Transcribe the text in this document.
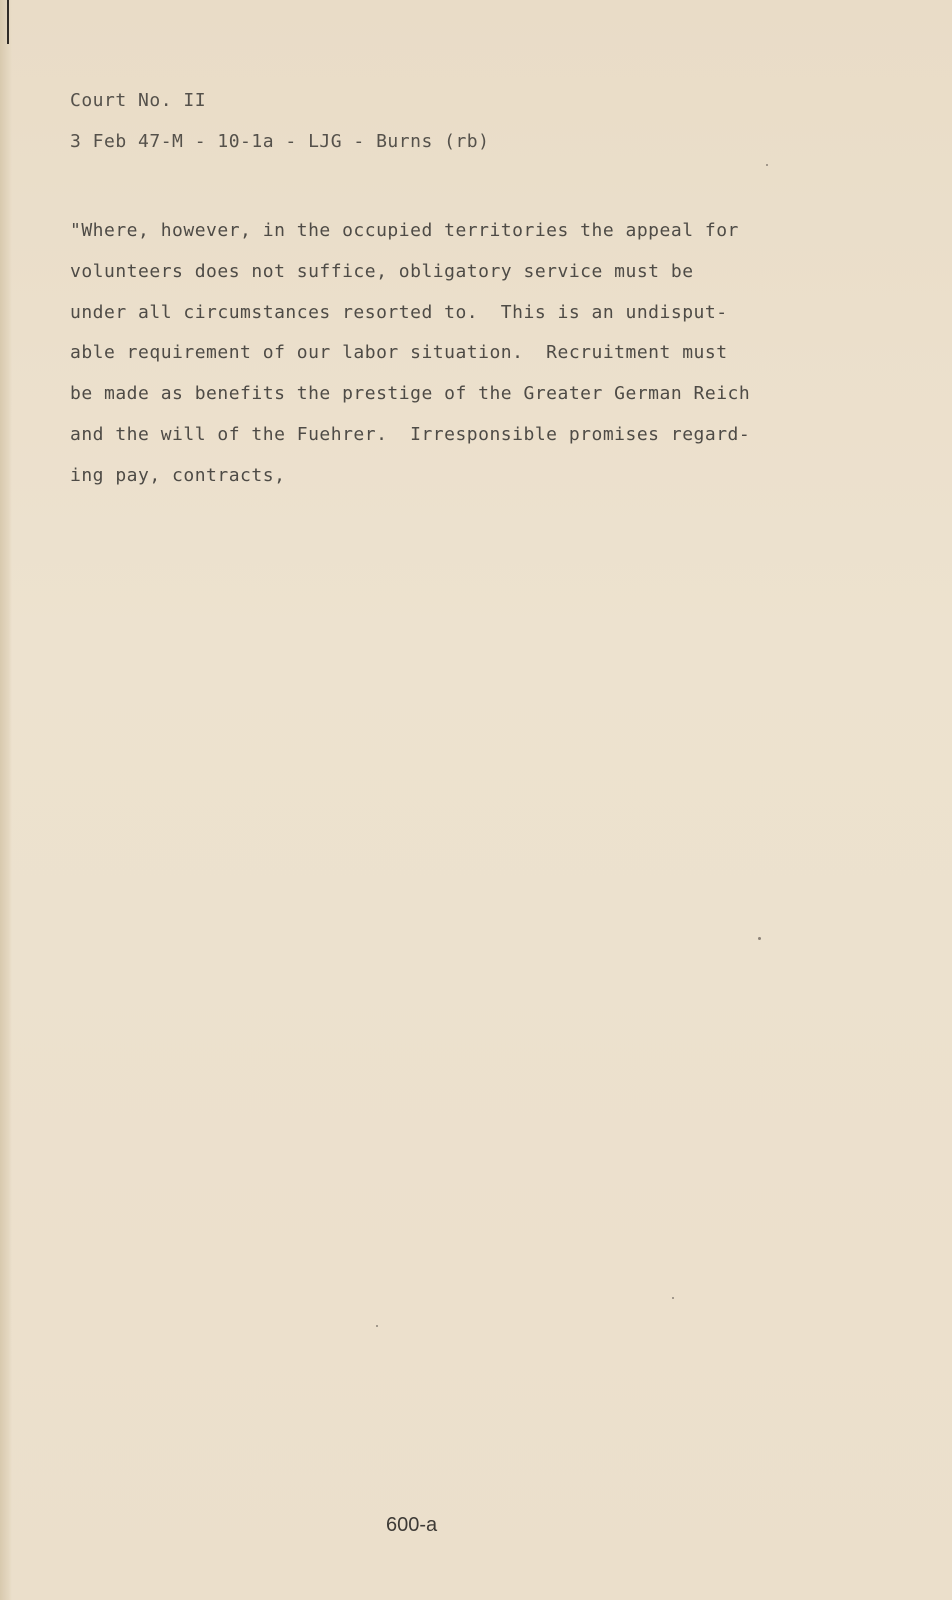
Court No. II
3 Feb 47-M - 10-1a - LJG - Burns (rb)
"Where, however, in the occupied territories the appeal for
volunteers does not suffice, obligatory service must be
under all circumstances resorted to.  This is an undisput-
able requirement of our labor situation.  Recruitment must
be made as benefits the prestige of the Greater German Reich
and the will of the Fuehrer.  Irresponsible promises regard-
ing pay, contracts,
600-a
